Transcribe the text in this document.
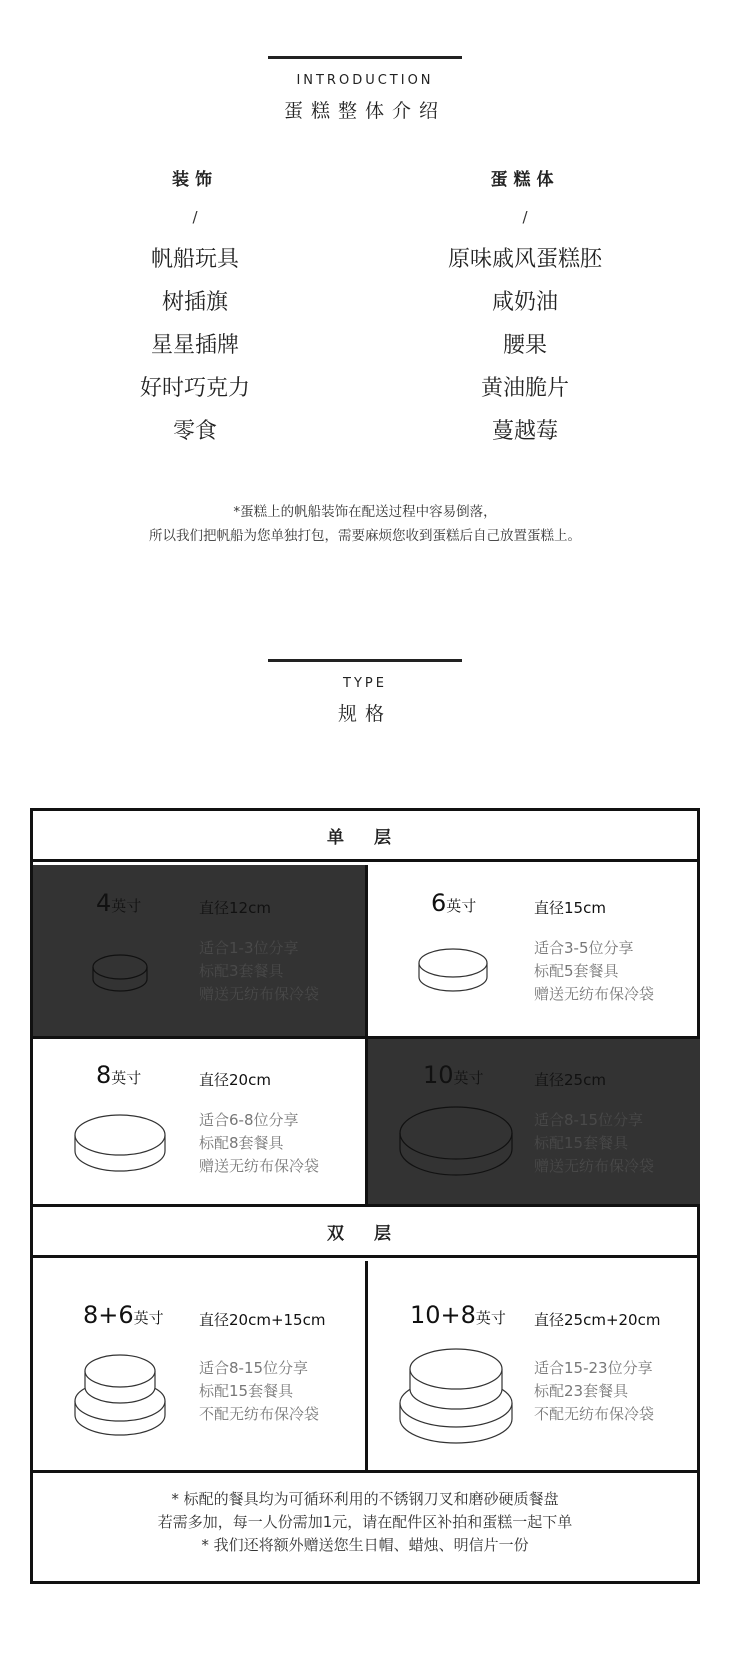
INTRODUCTION
蛋糕整体介绍
装饰
/
帆船玩具
树插旗
星星插牌
好时巧克力
零食
蛋糕体
/
原味戚风蛋糕胚
咸奶油
腰果
黄油脆片
蔓越莓
*蛋糕上的帆船装饰在配送过程中容易倒落，
所以我们把帆船为您单独打包，需要麻烦您收到蛋糕后自己放置蛋糕上。
TYPE
规格
单 层
4英寸	直径12cm
适合1-3位分享
标配3套餐具
赠送无纺布保冷袋
6英寸	直径15cm
适合3-5位分享
标配5套餐具
赠送无纺布保冷袋
8英寸	直径20cm
适合6-8位分享
标配8套餐具
赠送无纺布保冷袋
10英寸	直径25cm
适合8-15位分享
标配15套餐具
赠送无纺布保冷袋
双 层
8+6英寸 直径20cm+15cm
适合8-15位分享
标配15套餐具
不配无纺布保冷袋
10+8英寸 直径25cm+20cm
适合15-23位分享
标配23套餐具
不配无纺布保冷袋
* 标配的餐具均为可循环利用的不锈钢刀叉和磨砂硬质餐盘
若需多加，每一人份需加1元，请在配件区补拍和蛋糕一起下单
* 我们还将额外赠送您生日帽、蜡烛、明信片一份
